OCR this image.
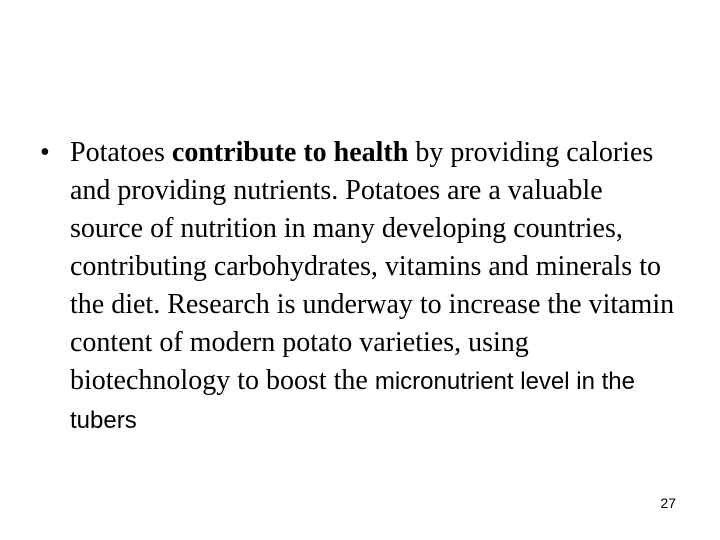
• Potatoes contribute to health by providing calories and providing nutrients. Potatoes are a valuable source of nutrition in many developing countries, contributing carbohydrates, vitamins and minerals to the diet. Research is underway to increase the vitamin content of modern potato varieties, using biotechnology to boost the micronutrient level in the tubers
27
